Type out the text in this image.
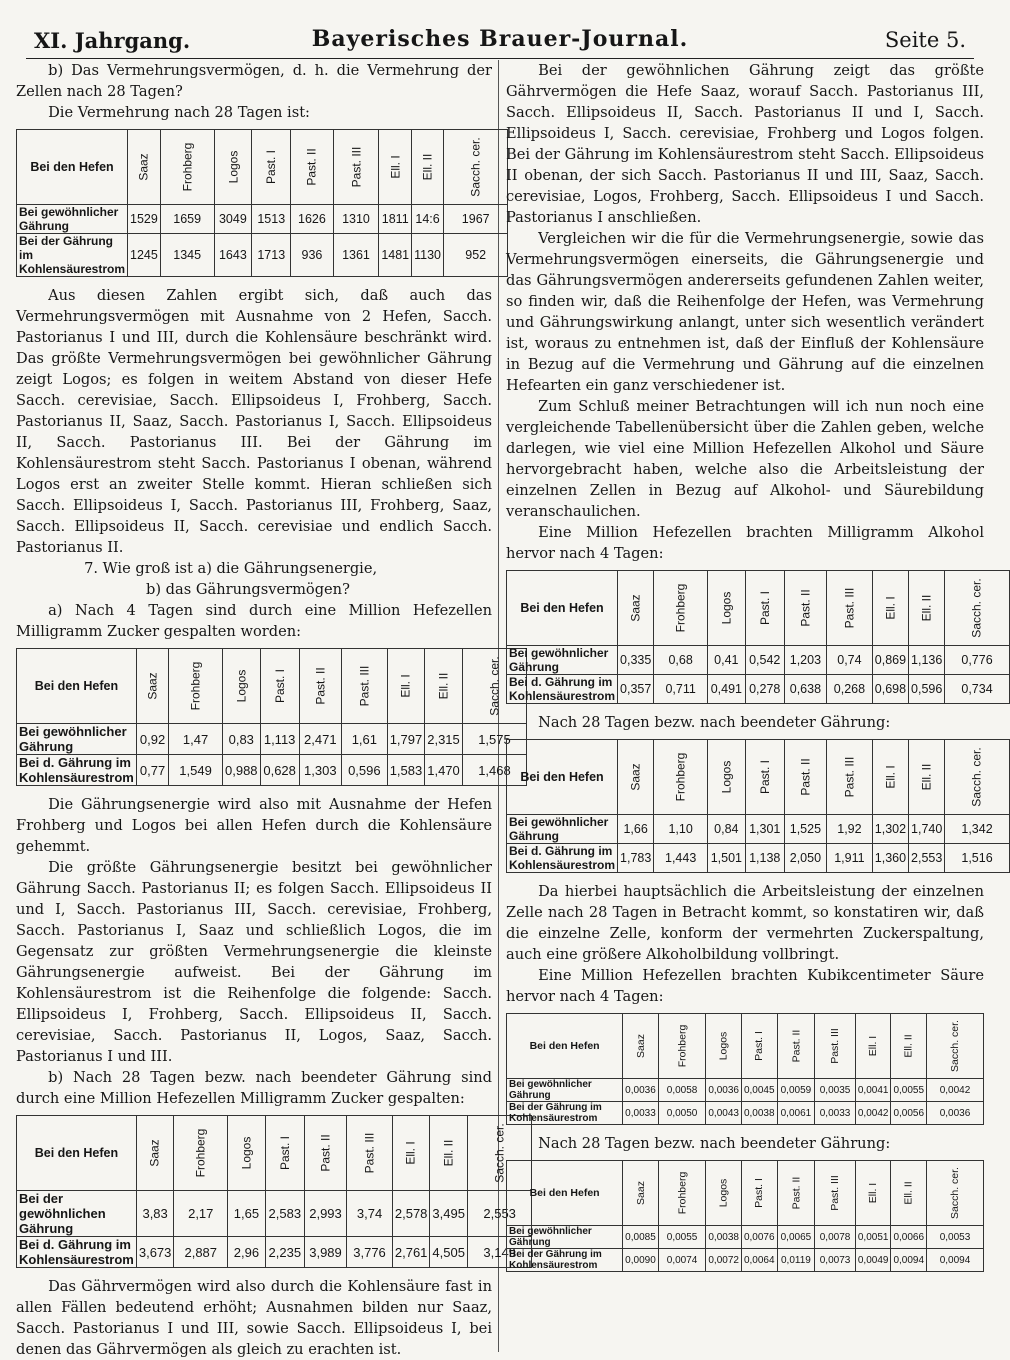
XI. Jahrgang.	Bayerisches Brauer-Journal.	Seite 5.

b) Das Vermehrungsvermögen, d. h. die Vermehrung der Zellen nach 28 Tagen?

Die Vermehrung nach 28 Tagen ist:

Bei den Hefen	Saaz	Frohberg	Logos	Past. I	Past. II	Past. III	Ell. I	Ell. II	Sacch. cer.
Bei gewöhnlicher Gährung	1529	1659	3049	1513	1626	1310	1811	14:6	1967
Bei der Gährung im Kohlensäurestrom	1245	1345	1643	1713	936	1361	1481	1130	952

Aus diesen Zahlen ergibt sich, daß auch das Vermehrungsvermögen mit Ausnahme von 2 Hefen, Sacch. Pastorianus I und III, durch die Kohlensäure beschränkt wird. Das größte Vermehrungsvermögen bei gewöhnlicher Gährung zeigt Logos; es folgen in weitem Abstand von dieser Hefe Sacch. cerevisiae, Sacch. Ellipsoideus I, Frohberg, Sacch. Pastorianus II, Saaz, Sacch. Pastorianus I, Sacch. Ellipsoideus II, Sacch. Pastorianus III. Bei der Gährung im Kohlensäurestrom steht Sacch. Pastorianus I obenan, während Logos erst an zweiter Stelle kommt. Hieran schließen sich Sacch. Ellipsoideus I, Sacch. Pastorianus III, Frohberg, Saaz, Sacch. Ellipsoideus II, Sacch. cerevisiae und endlich Sacch. Pastorianus II.

7. Wie groß ist a) die Gährungsenergie,

b) das Gährungsvermögen?

a) Nach 4 Tagen sind durch eine Million Hefezellen Milligramm Zucker gespalten worden:

Bei den Hefen	Saaz	Frohberg	Logos	Past. I	Past. II	Past. III	Ell. I	Ell. II	Sacch. cer.
Bei gewöhnlicher Gährung	0,92	1,47	0,83	1,113	2,471	1,61	1,797	2,315	1,575
Bei d. Gährung im Kohlensäurestrom	0,77	1,549	0,988	0,628	1,303	0,596	1,583	1,470	1,468

Die Gährungsenergie wird also mit Ausnahme der Hefen Frohberg und Logos bei allen Hefen durch die Kohlensäure gehemmt.

Die größte Gährungsenergie besitzt bei gewöhnlicher Gährung Sacch. Pastorianus II; es folgen Sacch. Ellipsoideus II und I, Sacch. Pastorianus III, Sacch. cerevisiae, Frohberg, Sacch. Pastorianus I, Saaz und schließlich Logos, die im Gegensatz zur größten Vermehrungsenergie die kleinste Gährungsenergie aufweist. Bei der Gährung im Kohlensäurestrom ist die Reihenfolge die folgende: Sacch. Ellipsoideus I, Frohberg, Sacch. Ellipsoideus II, Sacch. cerevisiae, Sacch. Pastorianus II, Logos, Saaz, Sacch. Pastorianus I und III.

b) Nach 28 Tagen bezw. nach beendeter Gährung sind durch eine Million Hefezellen Milligramm Zucker gespalten:

Bei den Hefen	Saaz	Frohberg	Logos	Past. I	Past. II	Past. III	Ell. I	Ell. II	Sacch. cer.
Bei der gewöhnlichen Gährung	3,83	2,17	1,65	2,583	2,993	3,74	2,578	3,495	2,553
Bei d. Gährung im Kohlensäurestrom	3,673	2,887	2,96	2,235	3,989	3,776	2,761	4,505	3,149

Das Gährvermögen wird also durch die Kohlensäure fast in allen Fällen bedeutend erhöht; Ausnahmen bilden nur Saaz, Sacch. Pastorianus I und III, sowie Sacch. Ellipsoideus I, bei denen das Gährvermögen als gleich zu erachten ist.

Bei der gewöhnlichen Gährung zeigt das größte Gährvermögen die Hefe Saaz, worauf Sacch. Pastorianus III, Sacch. Ellipsoideus II, Sacch. Pastorianus II und I, Sacch. Ellipsoideus I, Sacch. cerevisiae, Frohberg und Logos folgen. Bei der Gährung im Kohlensäurestrom steht Sacch. Ellipsoideus II obenan, der sich Sacch. Pastorianus II und III, Saaz, Sacch. cerevisiae, Logos, Frohberg, Sacch. Ellipsoideus I und Sacch. Pastorianus I anschließen.

Vergleichen wir die für die Vermehrungsenergie, sowie das Vermehrungsvermögen einerseits, die Gährungsenergie und das Gährungsvermögen andererseits gefundenen Zahlen weiter, so finden wir, daß die Reihenfolge der Hefen, was Vermehrung und Gährungswirkung anlangt, unter sich wesentlich verändert ist, woraus zu entnehmen ist, daß der Einfluß der Kohlensäure in Bezug auf die Vermehrung und Gährung auf die einzelnen Hefearten ein ganz verschiedener ist.

Zum Schluß meiner Betrachtungen will ich nun noch eine vergleichende Tabellenübersicht über die Zahlen geben, welche darlegen, wie viel eine Million Hefezellen Alkohol und Säure hervorgebracht haben, welche also die Arbeitsleistung der einzelnen Zellen in Bezug auf Alkohol- und Säurebildung veranschaulichen.

Eine Million Hefezellen brachten Milligramm Alkohol hervor nach 4 Tagen:

Bei den Hefen	Saaz	Frohberg	Logos	Past. I	Past. II	Past. III	Ell. I	Ell. II	Sacch. cer.
Bei gewöhnlicher Gährung	0,335	0,68	0,41	0,542	1,203	0,74	0,869	1,136	0,776
Bei d. Gährung im Kohlensäurestrom	0,357	0,711	0,491	0,278	0,638	0,268	0,698	0,596	0,734

Nach 28 Tagen bezw. nach beendeter Gährung:

Bei den Hefen	Saaz	Frohberg	Logos	Past. I	Past. II	Past. III	Ell. I	Ell. II	Sacch. cer.
Bei gewöhnlicher Gährung	1,66	1,10	0,84	1,301	1,525	1,92	1,302	1,740	1,342
Bei d. Gährung im Kohlensäurestrom	1,783	1,443	1,501	1,138	2,050	1,911	1,360	2,553	1,516

Da hierbei hauptsächlich die Arbeitsleistung der einzelnen Zelle nach 28 Tagen in Betracht kommt, so konstatiren wir, daß die einzelne Zelle, konform der vermehrten Zuckerspaltung, auch eine größere Alkoholbildung vollbringt.

Eine Million Hefezellen brachten Kubikcentimeter Säure hervor nach 4 Tagen:

Bei den Hefen	Saaz	Frohberg	Logos	Past. I	Past. II	Past. III	Ell. I	Ell. II	Sacch. cer.
Bei gewöhnlicher Gährung	0,0036	0,0058	0,0036	0,0045	0,0059	0,0035	0,0041	0,0055	0,0042
Bei der Gährung im Kohlensäurestrom	0,0033	0,0050	0,0043	0,0038	0,0061	0,0033	0,0042	0,0056	0,0036

Nach 28 Tagen bezw. nach beendeter Gährung:

Bei den Hefen	Saaz	Frohberg	Logos	Past. I	Past. II	Past. III	Ell. I	Ell. II	Sacch. cer.
Bei gewöhnlicher Gährung	0,0085	0,0055	0,0038	0,0076	0,0065	0,0078	0,0051	0,0066	0,0053
Bei der Gährung im Kohlensäurestrom	0,0090	0,0074	0,0072	0,0064	0,0119	0,0073	0,0049	0,0094	0,0094
